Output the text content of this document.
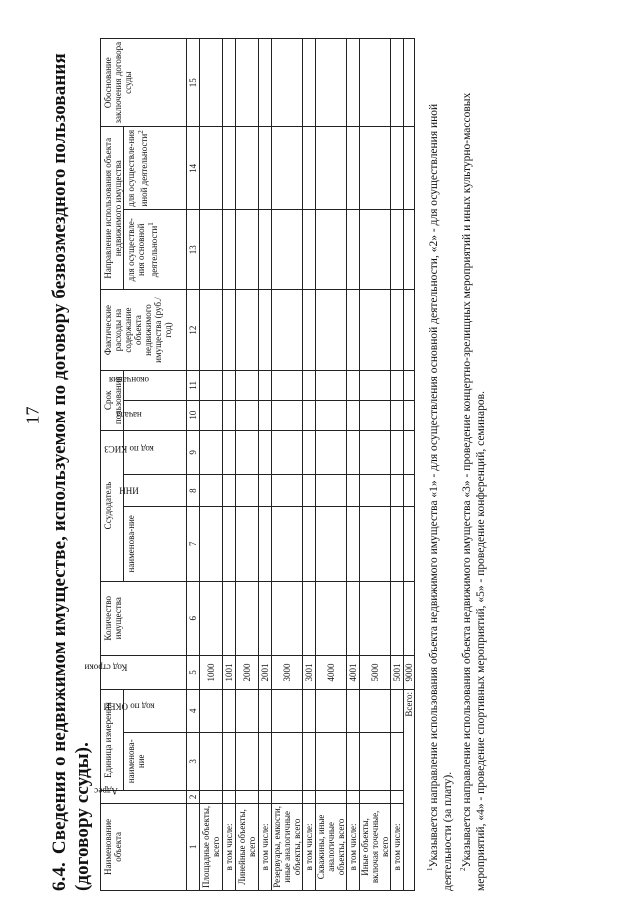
17
6.4.Сведения о недвижимом имуществе, используемом по договору безвозмездного пользования (договору ссуды). Наименование объекта	Адрес	Единица измерения		Код строки	Количество имущества	Ссудодатель			Срок пользования		Фактические расходы на содержание объекта недвижимого имущества (руб./год)	Направление использования объекта недвижимого имущества		Обоснование заключения договора ссуды
		наименова-ние	код по ОКЕИ			наименова-ние	ИНН	код по КИСЗ	начала	окончания		для осуществле-ния основной деятельности$^1$	для осуществле-ния иной деятельности$^2$
1	2	3	4	5	6	7	8	9	10	11	12	13	14	15
Площадные объекты, всего				1000										
в том числе:				1001										
Линейные объекты, всего				2000										
в том числе:				2001										
Резервуары, емкости, иные аналогичные объекты, всего				3000										
в том числе:				3001										
Скважины, иные аналогичные объекты, всего				4000										
в том числе:				4001										
Иные объекты, включая точечные, всего				5000										
в том числе:				5001										
Всего:				9000										

$^1$Указывается направление использования объекта недвижимого имущества «1» - для осуществления основной деятельности, «2» - для осуществления иной деятельности (за плату). $^2$Указывается направление использования объекта недвижимого имущества «3» - проведение концертно-зрелищных мероприятий и иных культурно-массовых мероприятий, «4» - проведение спортивных мероприятий, «5» - проведение конференций, семинаров.
